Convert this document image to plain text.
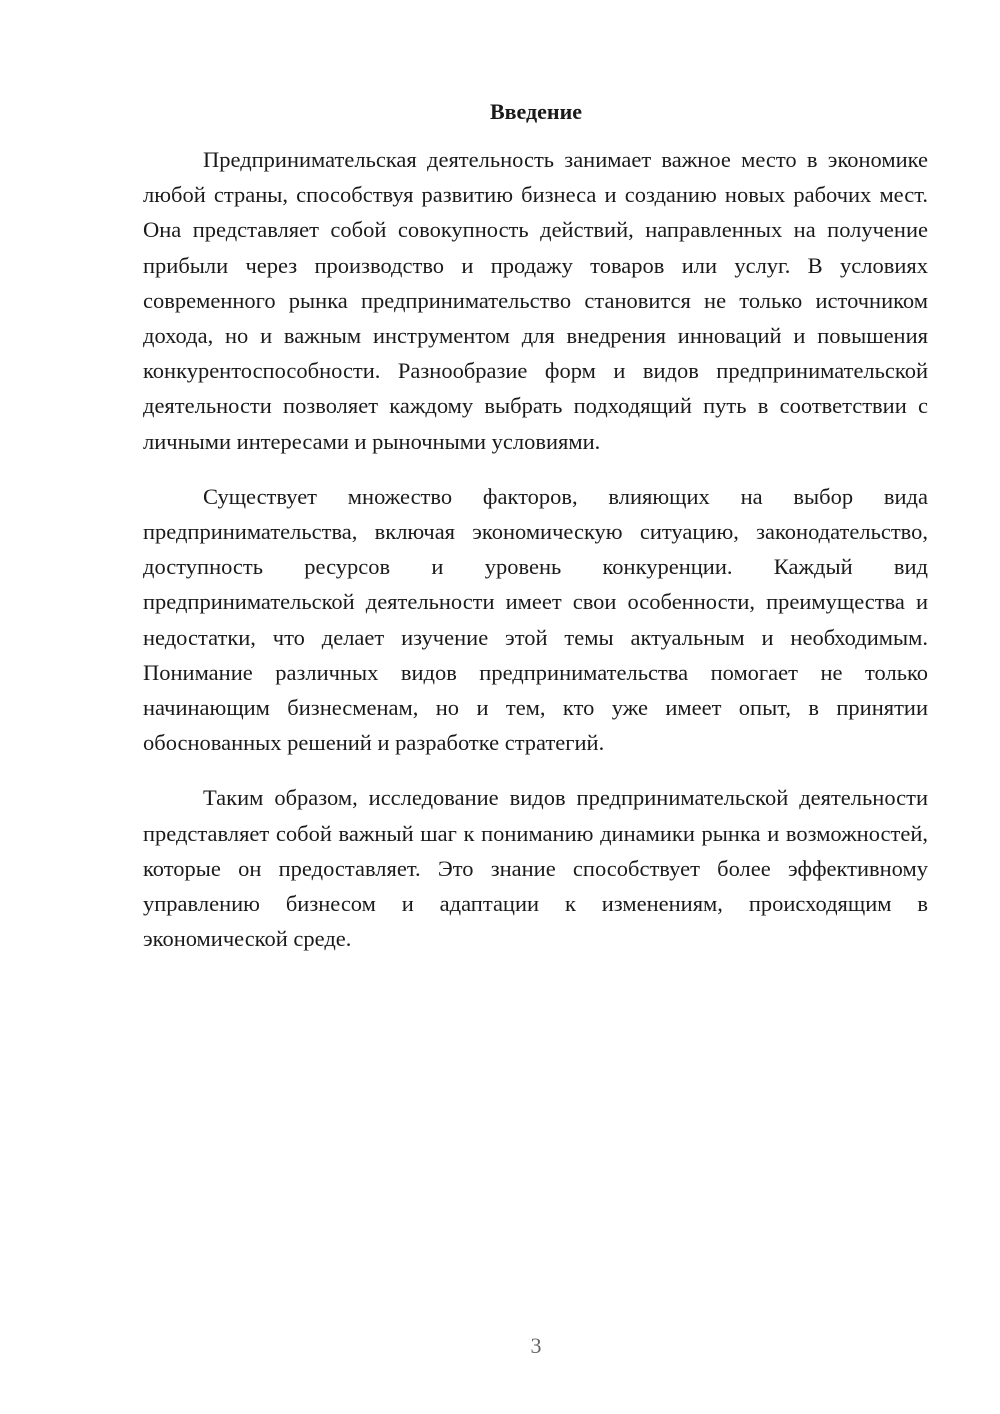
Введение

Предпринимательская деятельность занимает важное место в экономике любой страны, способствуя развитию бизнеса и созданию новых рабочих мест. Она представляет собой совокупность действий, направленных на получение прибыли через производство и продажу товаров или услуг. В условиях современного рынка предпринимательство становится не только источником дохода, но и важным инструментом для внедрения инноваций и повышения конкурентоспособности. Разнообразие форм и видов предпринимательской деятельности позволяет каждому выбрать подходящий путь в соответствии с личными интересами и рыночными условиями.

Существует множество факторов, влияющих на выбор вида предпринимательства, включая экономическую ситуацию, законодательство, доступность ресурсов и уровень конкуренции. Каждый вид предпринимательской деятельности имеет свои особенности, преимущества и недостатки, что делает изучение этой темы актуальным и необходимым. Понимание различных видов предпринимательства помогает не только начинающим бизнесменам, но и тем, кто уже имеет опыт, в принятии обоснованных решений и разработке стратегий.

Таким образом, исследование видов предпринимательской деятельности представляет собой важный шаг к пониманию динамики рынка и возможностей, которые он предоставляет. Это знание способствует более эффективному управлению бизнесом и адаптации к изменениям, происходящим в экономической среде.

3
